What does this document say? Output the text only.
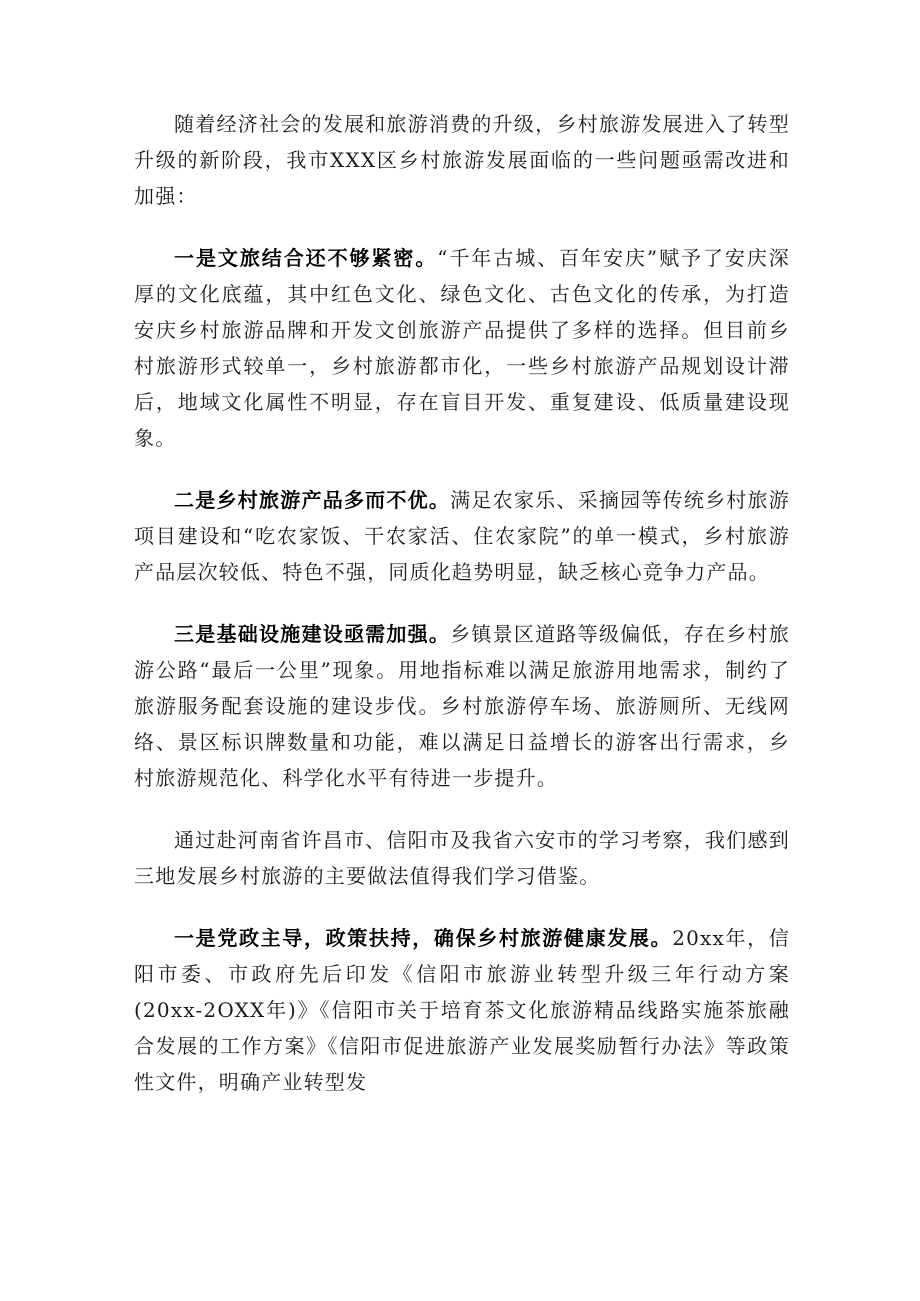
随着经济社会的发展和旅游消费的升级，乡村旅游发展进入了转型升级的新阶段，我市XXX区乡村旅游发展面临的一些问题亟需改进和加强：

一是文旅结合还不够紧密。“千年古城、百年安庆”赋予了安庆深厚的文化底蕴，其中红色文化、绿色文化、古色文化的传承，为打造安庆乡村旅游品牌和开发文创旅游产品提供了多样的选择。但目前乡村旅游形式较单一，乡村旅游都市化，一些乡村旅游产品规划设计滞后，地域文化属性不明显，存在盲目开发、重复建设、低质量建设现象。

二是乡村旅游产品多而不优。满足农家乐、采摘园等传统乡村旅游项目建设和“吃农家饭、干农家活、住农家院”的单一模式，乡村旅游产品层次较低、特色不强，同质化趋势明显，缺乏核心竞争力产品。

三是基础设施建设亟需加强。乡镇景区道路等级偏低，存在乡村旅游公路“最后一公里”现象。用地指标难以满足旅游用地需求，制约了旅游服务配套设施的建设步伐。乡村旅游停车场、旅游厕所、无线网络、景区标识牌数量和功能，难以满足日益增长的游客出行需求，乡村旅游规范化、科学化水平有待进一步提升。

通过赴河南省许昌市、信阳市及我省六安市的学习考察，我们感到三地发展乡村旅游的主要做法值得我们学习借鉴。

一是党政主导，政策扶持，确保乡村旅游健康发展。20xx年，信阳市委、市政府先后印发《信阳市旅游业转型升级三年行动方案(20xx-2OXX年)》《信阳市关于培育茶文化旅游精品线路实施茶旅融合发展的工作方案》《信阳市促进旅游产业发展奖励暂行办法》等政策性文件，明确产业转型发
